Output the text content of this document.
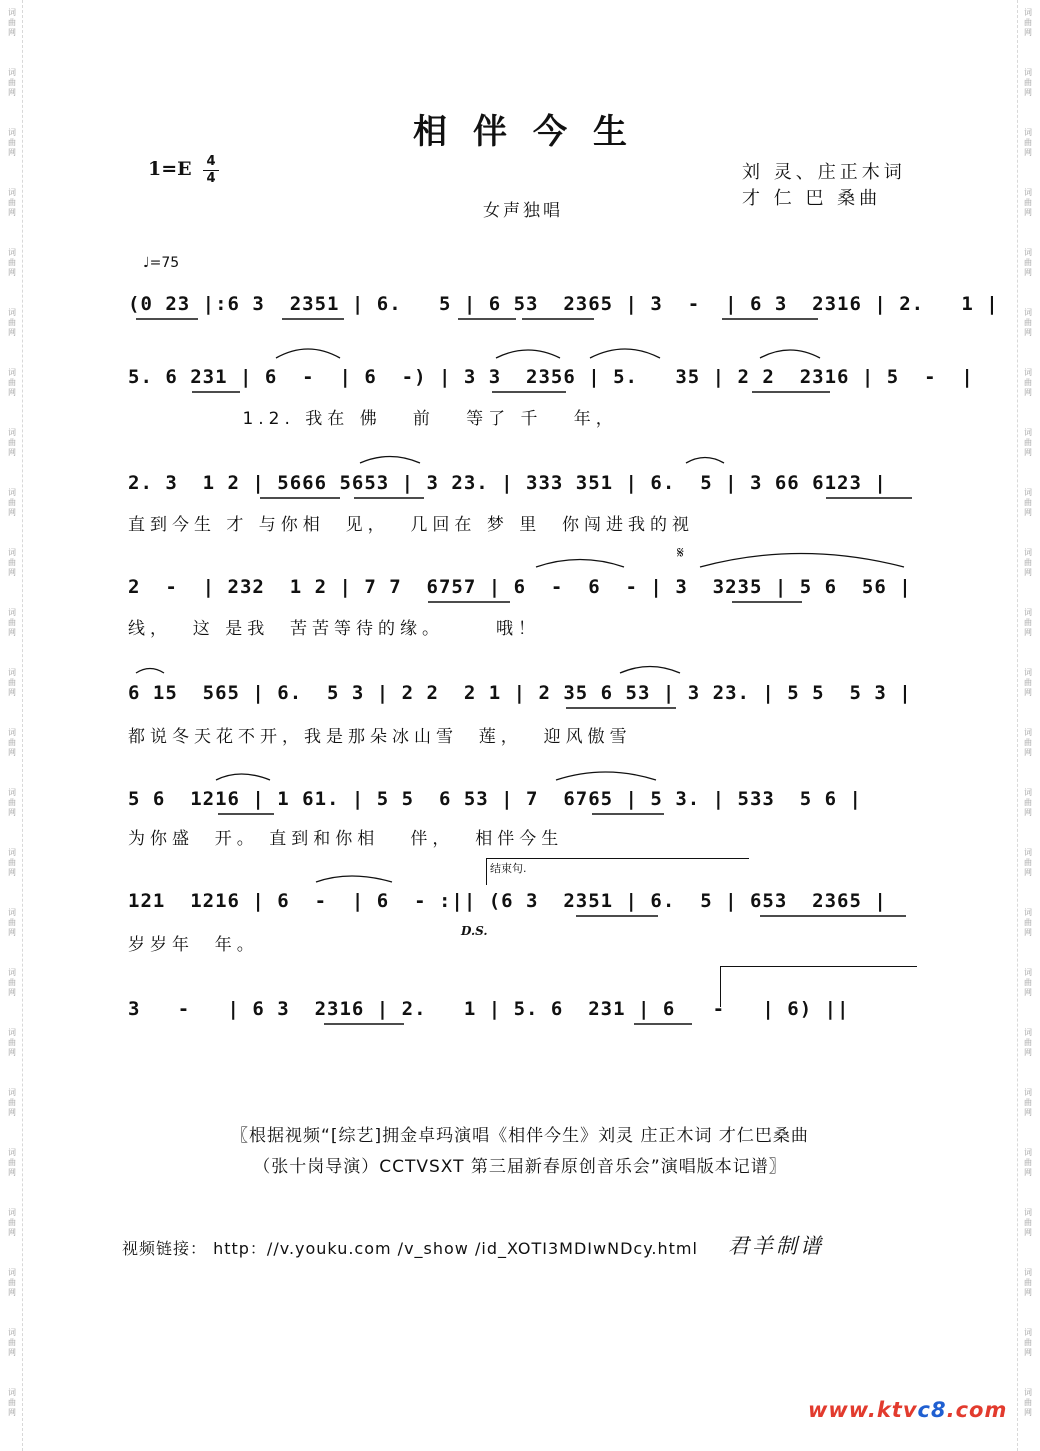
词
曲
网
词
曲
网
词
曲
网
词
曲
网
词
曲
网
词
曲
网
词
曲
网
词
曲
网
词
曲
网
词
曲
网
词
曲
网
词
曲
网
词
曲
网
词
曲
网
词
曲
网
词
曲
网
词
曲
网
词
曲
网
词
曲
网
词
曲
网
词
曲
网
词
曲
网
词
曲
网
词
曲
网
词
曲
网
词
曲
网
词
曲
网
词
曲
网
词
曲
网
词
曲
网
词
曲
网
词
曲
网
词
曲
网
词
曲
网
词
曲
网
词
曲
网
词
曲
网
词
曲
网
词
曲
网
词
曲
网
词
曲
网
词
曲
网
词
曲
网
词
曲
网
词
曲
网
词
曲
网
词
曲
网
词
曲
网
相伴今生
1=E 4
4	刘 灵、庄正木词
才 仁 巴 桑曲
女声独唱
♩=75
(0 23 |:6 3  2351 | 6.   5 | 6 53  2365 | 3  -  | 6 3  2316 | 2.   1 |
5. 6 231 | 6  -  | 6  -) | 3 3  2356 | 5.   35 | 2 2  2316 | 5  -  |
1.2. 我在 佛   前   等了 千   年，
2. 3  1 2 | 5666 5653 | 3 23. | 333 351 | 6.  5 | 3 66 6123 |
直到今生 才 与你相  见，  几回在 梦 里  你闯进我的视
𝄋
2  -  | 232  1 2 | 7 7  6757 | 6  -  6  - | 3  3235 | 5 6  56 |
线，  这 是我  苦苦等待的缘。     哦！
6 15  565 | 6.  5 3 | 2 2  2 1 | 2 35 6 53 | 3 23. | 5 5  5 3 |
都说冬天花不开，我是那朵冰山雪  莲，  迎风傲雪
5 6  1216 | 1 61. | 5 5  6 53 | 7  6765 | 5 3. | 533  5 6 |
为你盛  开。 直到和你相   伴，  相伴今生
结束句.
121  1216 | 6  -  | 6  - :|| (6 3  2351 | 6.  5 | 653  2365 |
岁岁年  年。
D.S.
3   -   | 6 3  2316 | 2.   1 | 5. 6  231 | 6   -   | 6) ||
〖根据视频“[综艺]拥金卓玛演唱《相伴今生》刘灵 庄正木词 才仁巴桑曲
（张十岗导演）CCTVSXT 第三届新春原创音乐会”演唱版本记谱〗
视频链接： http：//v.youku.com /v_show /id_XOTI3MDIwNDcy.html 君羊制谱
www.ktvc8.com
